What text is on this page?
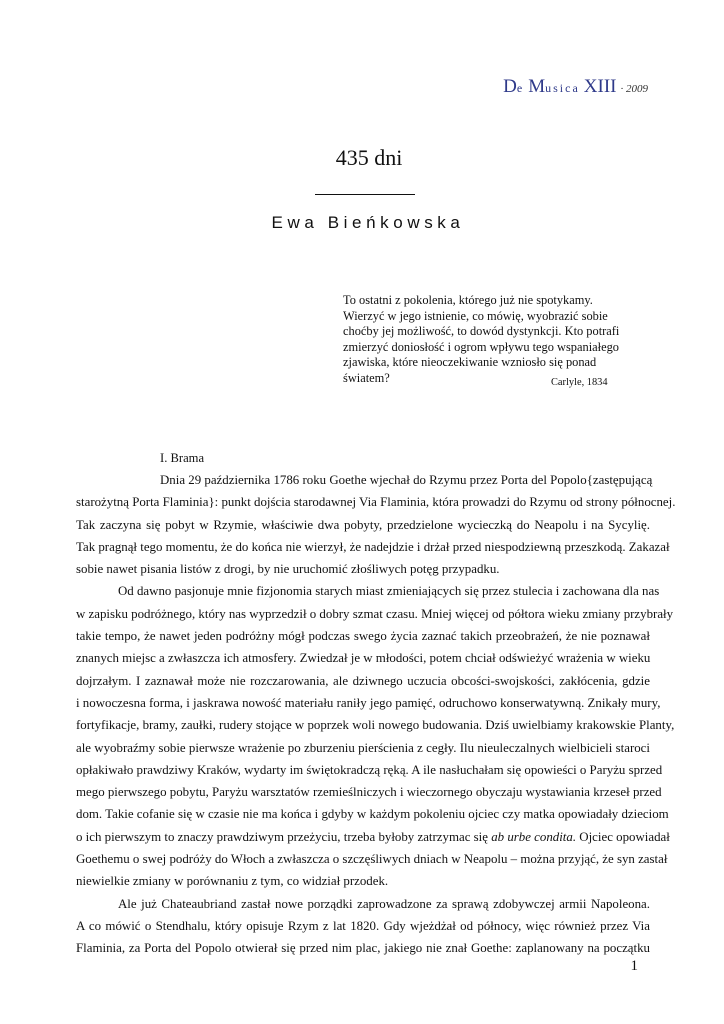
De Musica XIII · 2009
435 dni
Ewa Bieńkowska
To ostatni z pokolenia, którego już nie spotykamy.
Wierzyć w jego istnienie, co mówię, wyobrazić sobie
choćby jej możliwość, to dowód dystynkcji. Kto potrafi
zmierzyć doniosłość i ogrom wpływu tego wspaniałego
zjawiska, które nieoczekiwanie wzniosło się ponad
światem?	Carlyle, 1834
I. Brama
Dnia 29 października 1786 roku Goethe wjechał do Rzymu przez Porta del Popolo{zastępującą
starożytną Porta Flaminia}: punkt dojścia starodawnej Via Flaminia, która prowadzi do Rzymu od strony północnej.
Tak zaczyna się pobyt w Rzymie, właściwie dwa pobyty, przedzielone wycieczką do Neapolu i na Sycylię.
Tak pragnął tego momentu, że do końca nie wierzył, że nadejdzie i drżał przed niespodziewną przeszkodą. Zakazał
sobie nawet pisania listów z drogi, by nie uruchomić złośliwych potęg przypadku.
Od dawno pasjonuje mnie fizjonomia starych miast zmieniających się przez stulecia i zachowana dla nas
w zapisku podróżnego, który nas wyprzedził o dobry szmat czasu. Mniej więcej od półtora wieku zmiany przybrały
takie tempo, że nawet jeden podróżny mógł podczas swego życia zaznać takich przeobrażeń, że nie poznawał
znanych miejsc a zwłaszcza ich atmosfery. Zwiedzał je w młodości, potem chciał odświeżyć wrażenia w wieku
dojrzałym. I zaznawał może nie rozczarowania, ale dziwnego uczucia obcości-swojskości, zakłócenia, gdzie
i nowoczesna forma, i jaskrawa nowość materiału raniły jego pamięć, odruchowo konserwatywną. Znikały mury,
fortyfikacje, bramy, zaułki, rudery stojące w poprzek woli nowego budowania. Dziś uwielbiamy krakowskie Planty,
ale wyobraźmy sobie pierwsze wrażenie po zburzeniu pierścienia z cegły. Ilu nieuleczalnych wielbicieli staroci
opłakiwało prawdziwy Kraków, wydarty im świętokradczą ręką. A ile nasłuchałam się opowieści o Paryżu sprzed
mego pierwszego pobytu, Paryżu warsztatów rzemieślniczych i wieczornego obyczaju wystawiania krzeseł przed
dom. Takie cofanie się w czasie nie ma końca i gdyby w każdym pokoleniu ojciec czy matka opowiadały dzieciom
o ich pierwszym to znaczy prawdziwym przeżyciu, trzeba byłoby zatrzymac się ab urbe condita. Ojciec opowiadał
Goethemu o swej podróży do Włoch a zwłaszcza o szczęśliwych dniach w Neapolu – można przyjąć, że syn zastał
niewielkie zmiany w porównaniu z tym, co widział przodek.
Ale już Chateaubriand zastał nowe porządki zaprowadzone za sprawą zdobywczej armii Napoleona.
A co mówić o Stendhalu, który opisuje Rzym z lat 1820. Gdy wjeżdżał od północy, więc również przez Via
Flaminia, za Porta del Popolo otwierał się przed nim plac, jakiego nie znał Goethe: zaplanowany na początku
1
